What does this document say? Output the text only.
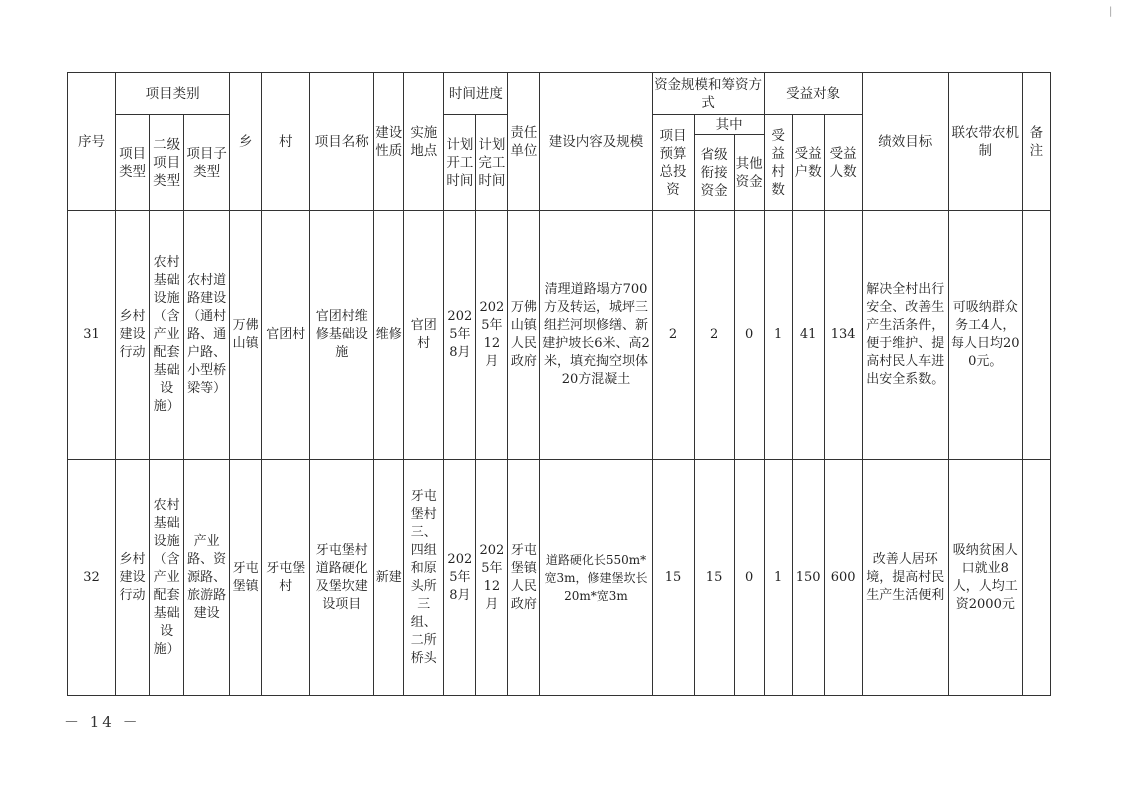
序号	项目类别			乡	村	项目名称	建设性质	实施地点	时间进度		责任单位	建设内容及规模	资金规模和筹资方式			受益对象			绩效目标	联农带农机制	备注
	项目类型	二级项目类型	项目子类型						计划开工时间	计划完工时间			项目预算总投资	其中		受益村数	受益户数	受益人数			
														省级衔接资金	其他资金						
31	乡村建设行动	农村基础设施（含产业配套基础设施）	农村道路建设（通村路、通户路、小型桥梁等）	万佛山镇	官团村	官团村维修基础设施	维修	官团村	2025年8月	2025年12月	万佛山镇人民政府	清理道路塌方700方及转运，城坪三组拦河坝修缮、新建护坡长6米、高2米，填充掏空坝体20方混凝土	2	2	0	1	41	134	解决全村出行安全、改善生产生活条件，便于维护、提高村民人车进出安全系数。	可吸纳群众务工4人，每人日均200元。	
32	乡村建设行动	农村基础设施（含产业配套基础设施）	产业路、资源路、旅游路建设	牙屯堡镇	牙屯堡村	牙屯堡村道路硬化及堡坎建设项目	新建	牙屯堡村三、四组和原头所三组、二所桥头	2025年8月	2025年12月	牙屯堡镇人民政府	道路硬化长550m*宽3m，修建堡坎长20m*宽3m	15	15	0	1	150	600	改善人居环境，提高村民生产生活便利	吸纳贫困人口就业8人，人均工资2000元	
－ 14 －
|
